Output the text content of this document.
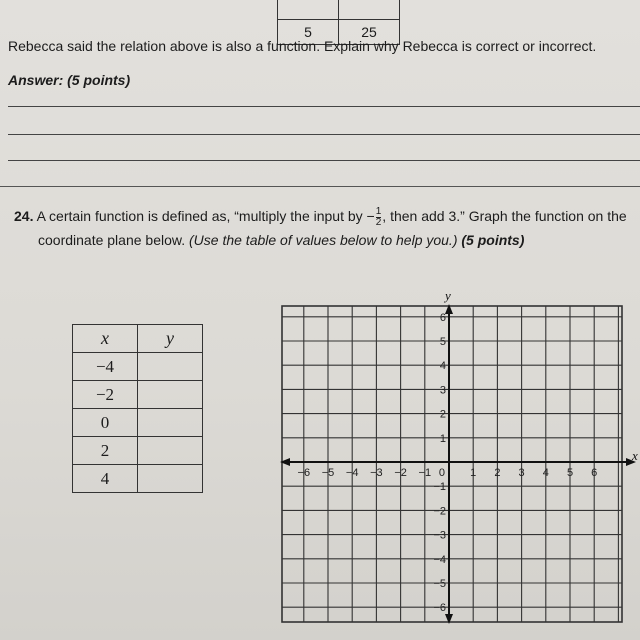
5	25
Rebecca said the relation above is also a function. Explain why Rebecca is correct or incorrect.
Answer: (5 points)
24. A certain function is defined as, “multiply the input by − $\frac{1}{2}$ , then add 3.” Graph the function on the
coordinate plane below. (Use the table of values below to help you.) (5 points)
x	y
−4	
−2	
0	
2	
4	
x
y
−6 −5 −4 −3 −2 −1 0 1 2 3 4 5 6
6
5
4
3
2
1
−1
−2
−3
−4
−5
−6
